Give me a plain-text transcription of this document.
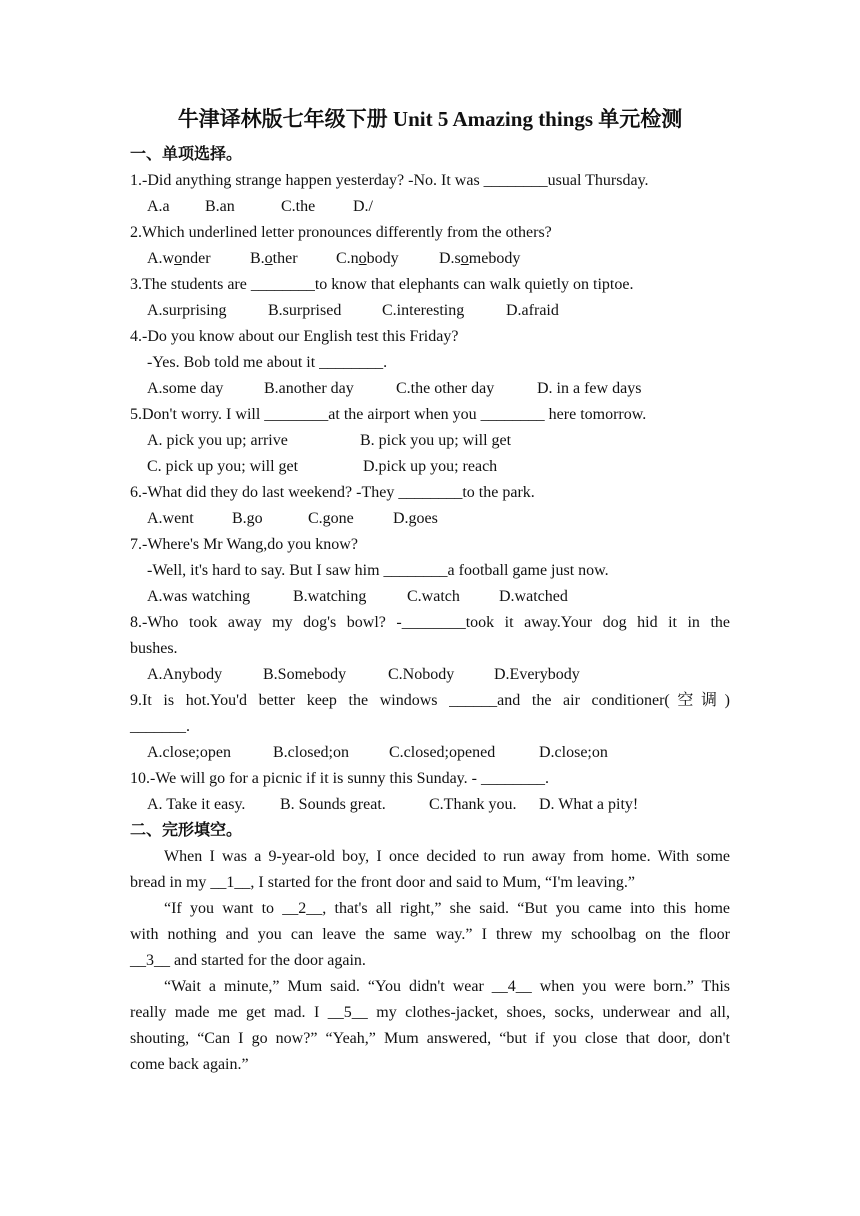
牛津译林版七年级下册 Unit 5 Amazing things 单元检测
一、单项选择。
1.-Did anything strange happen yesterday? -No. It was ________usual Thursday.
A.a B.an	C.the D./
2.Which underlined letter pronounces differently from the others?
A.wonder B.other C.nobody	D.somebody
3.The students are ________to know that elephants can walk quietly on tiptoe.
A.surprising	B.surprised	C.interesting	D.afraid
4.-Do you know about our English test this Friday?
-Yes. Bob told me about it ________.
A.some day	B.another day	C.the other day	D. in a few days
5.Don't worry. I will ________at the airport when you ________ here tomorrow.
A. pick you up; arrive	B. pick you up; will get
C. pick up you; will get	D.pick up you; reach
6.-What did they do last weekend? -They ________to the park.
A.went B.go	C.gone D.goes
7.-Where's Mr Wang,do you know?
-Well, it's hard to say. But I saw him ________a football game just now.
A.was watching	B.watching	C.watch D.watched
8.-Who took away my dog's bowl? -________took it away.Your dog hid it in the
bushes.
A.Anybody	B.Somebody	C.Nobody D.Everybody
9.It is hot.You'd better keep the windows ______and the air conditioner(空调)
_______.
A.close;open	B.closed;on	C.closed;opened	D.close;on
10.-We will go for a picnic if it is sunny this Sunday. - ________.
A. Take it easy. B. Sounds great.	C.Thank you. D. What a pity!
二、完形填空。
When I was a 9-year-old boy, I once decided to run away from home. With some
bread in my __1__, I started for the front door and said to Mum, “I'm leaving.”
“If you want to __2__, that's all right,” she said. “But you came into this home
with nothing and you can leave the same way.” I threw my schoolbag on the floor
__3__ and started for the door again.
“Wait a minute,” Mum said. “You didn't wear __4__ when you were born.” This
really made me get mad. I __5__ my clothes-jacket, shoes, socks, underwear and all,
shouting, “Can I go now?” “Yeah,” Mum answered, “but if you close that door, don't
come back again.”
